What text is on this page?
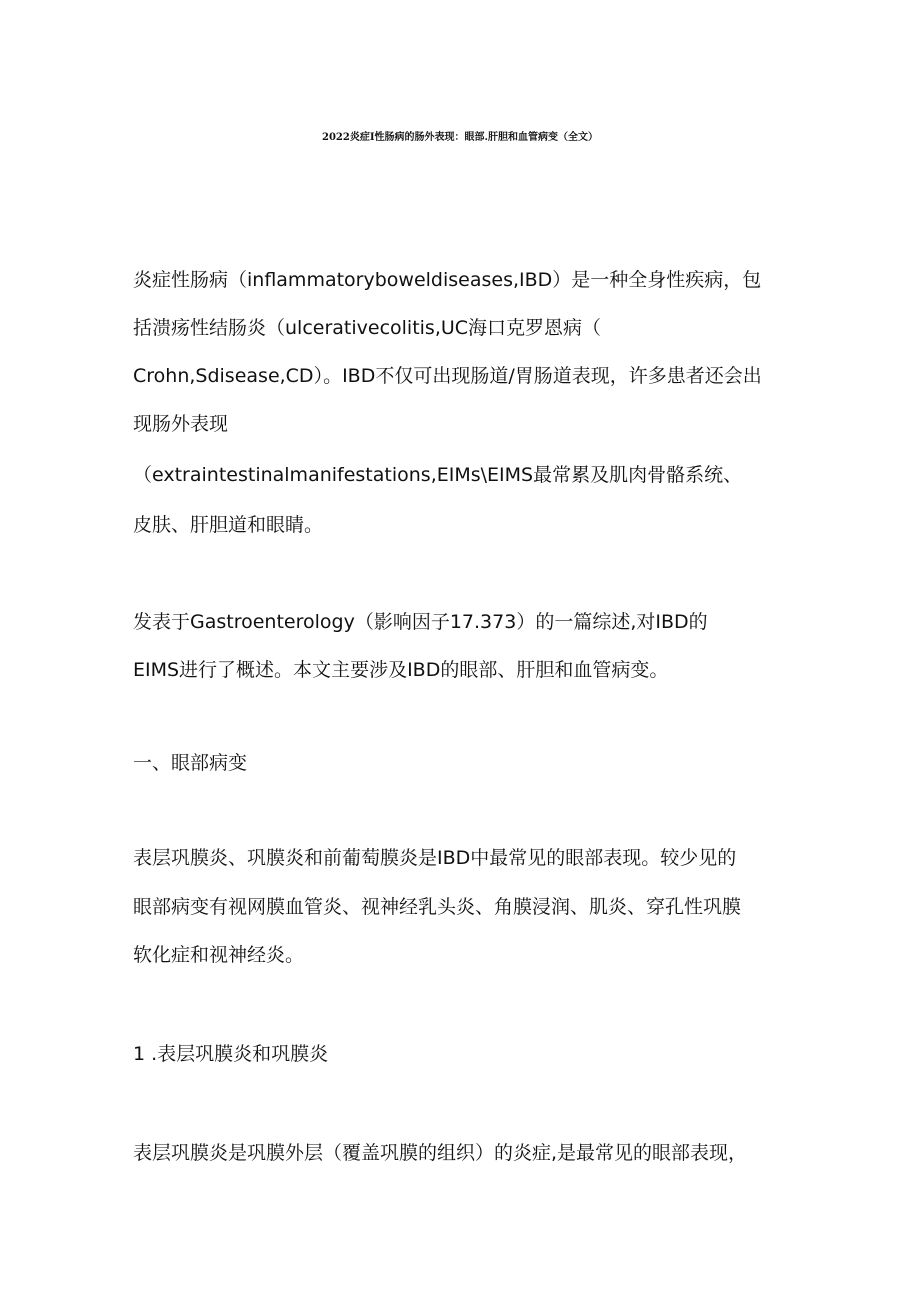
2022炎症I性肠病的肠外表现：眼部.肝胆和血管病变（全文）
炎症性肠病（inflammatoryboweldiseases,IBD）是一种全身性疾病，包
括溃疡性结肠炎（ulcerativecolitis,UC海口克罗恩病（
Crohn,Sdisease,CD）。IBD不仅可出现肠道/胃肠道表现，许多患者还会出
现肠外表现
（extraintestinalmanifestations,EIMs\EIMS最常累及肌肉骨骼系统、
皮肤、肝胆道和眼睛。
发表于Gastroenterology（影响因子17.373）的一篇综述,对IBD的
EIMS进行了概述。本文主要涉及IBD的眼部、肝胆和血管病变。
一、眼部病变
表层巩膜炎、巩膜炎和前葡萄膜炎是IBD中最常见的眼部表现。较少见的
眼部病变有视网膜血管炎、视神经乳头炎、角膜浸润、肌炎、穿孔性巩膜
软化症和视神经炎。
1 .表层巩膜炎和巩膜炎
表层巩膜炎是巩膜外层（覆盖巩膜的组织）的炎症,是最常见的眼部表现，
